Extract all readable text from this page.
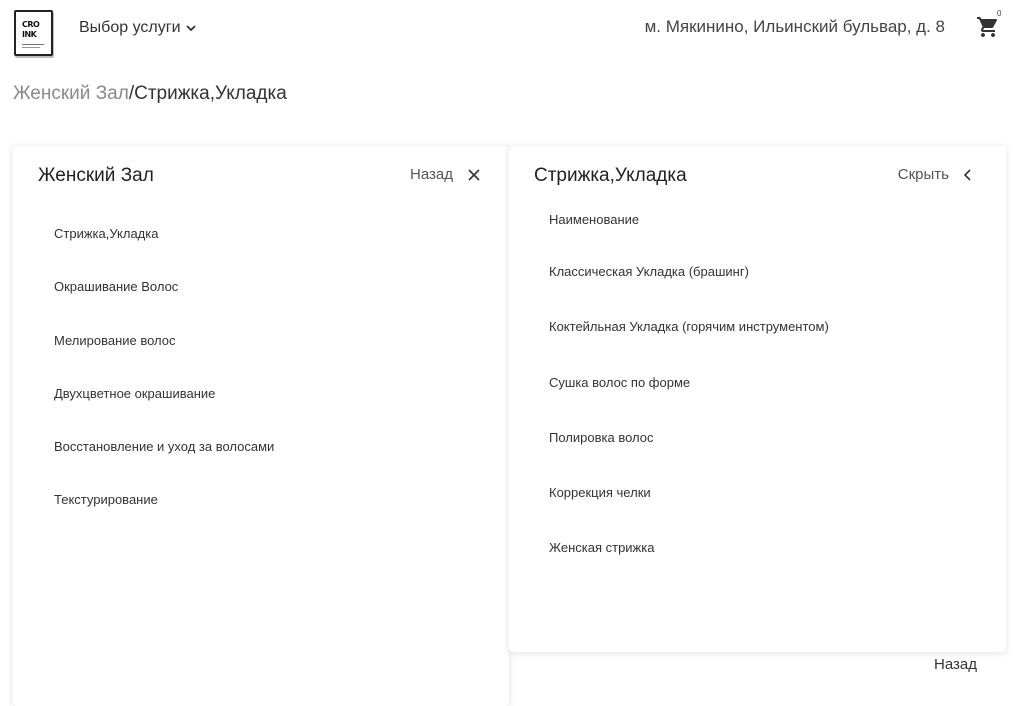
CRO
INK	Выбор услуги	м. Мякинино, Ильинский бульвар, д. 8
0
Женский Зал/Стрижка,Укладка
Женский Зал	Назад
Стрижка,Укладка
Окрашивание Волос
Мелирование волос
Двухцветное окрашивание
Восстановление и уход за волосами
Текстурирование
Стрижка,Укладка	Скрыть
Наименование
Классическая Укладка (брашинг)
Коктейльная Укладка (горячим инструментом)
Сушка волос по форме
Полировка волос
Коррекция челки
Женская стрижка
Назад
